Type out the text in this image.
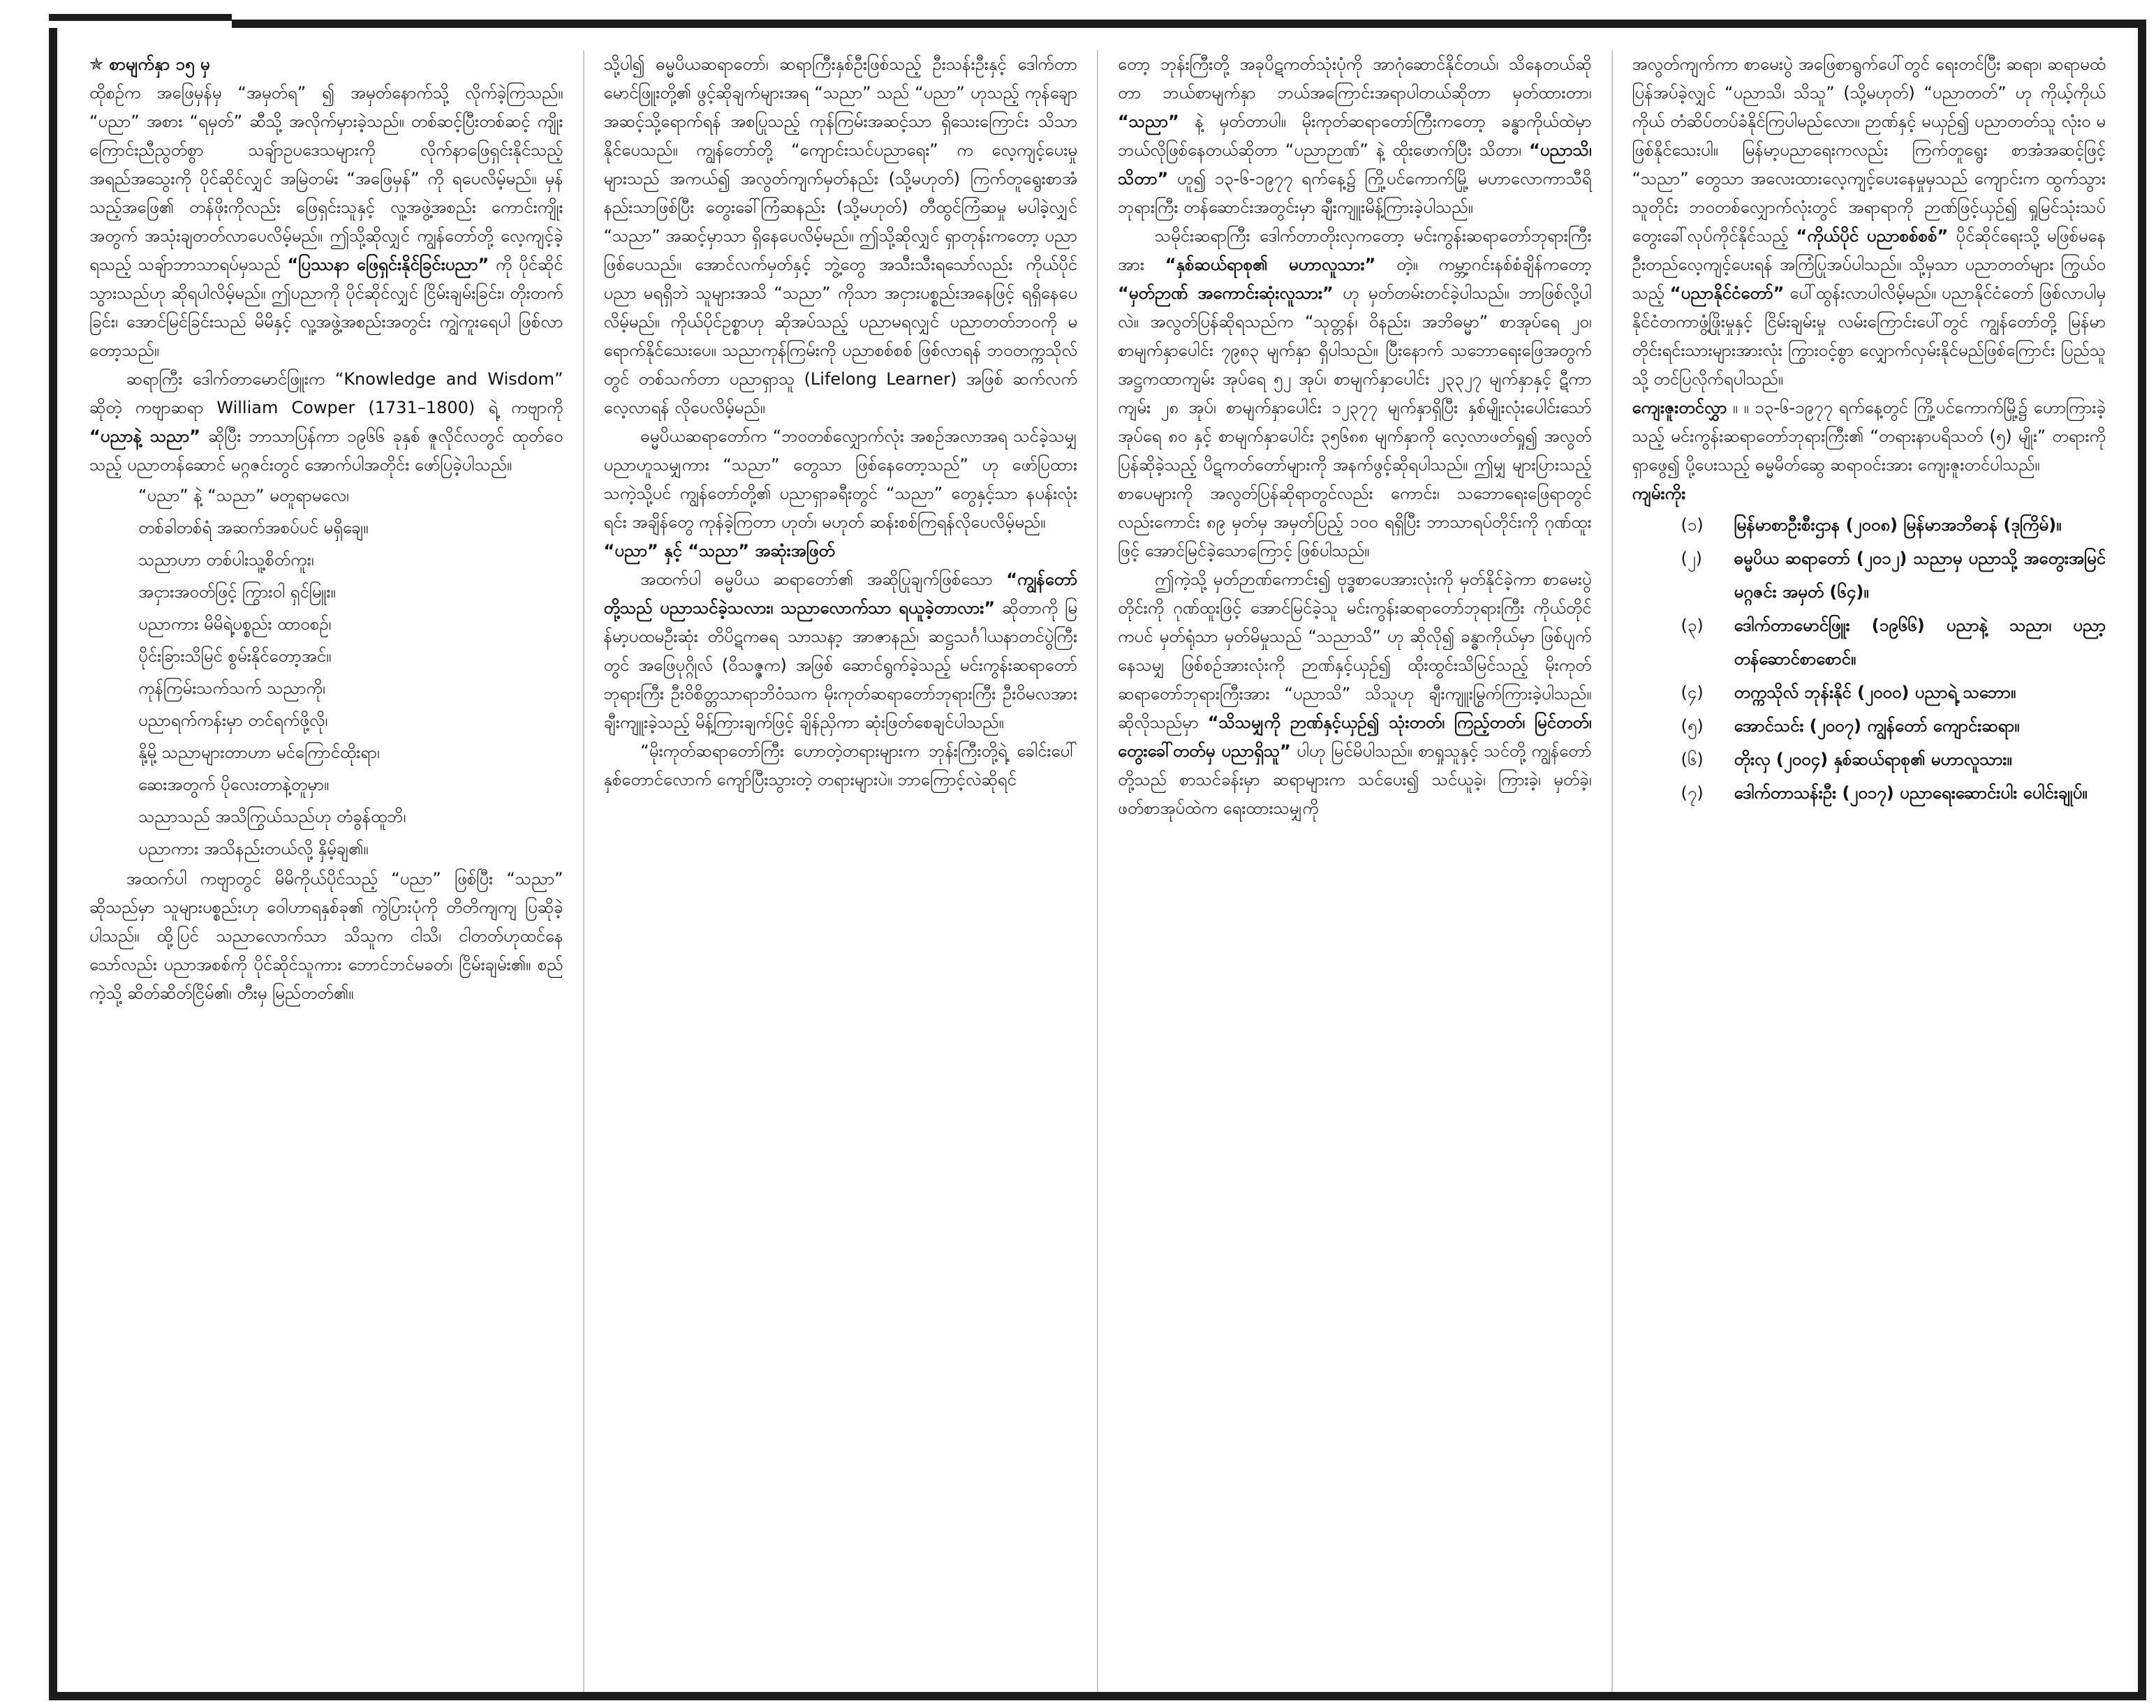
✯ စာမျက်နှာ ၁၅ မှ

ထိုစဥ်က အဖြေမှန်မှ “အမှတ်ရ” ၍ အမှတ်နောက်သို့ လိုက်ခဲ့ကြသည်။ “ပညာ” အစား “ရမှတ်” ဆီသို့ အလိုက်မှားခဲ့သည်။ တစ်ဆင့်ပြီးတစ်ဆင့် ကျိုးကြောင်းညီညွတ်စွာ သချ်ာဥပဒေသများကို လိုက်နာဖြေရှင်းနိုင်သည့် အရည်အသွေးကို ပိုင်ဆိုင်လျှင် အမြဲတမ်း “အဖြေမှန်” ကို ရပေလိမ့်မည်။ မှန်သည့်အဖြေ၏ တန်ဖိုးကိုလည်း ဖြေရှင်းသူနှင့် လူ့အဖွဲ့အစည်း ကောင်းကျိုးအတွက် အသုံးချတတ်လာပေလိမ့်မည်။ ဤသို့ဆိုလျှင် ကျွန်တော်တို့ လေ့ကျင့်ခဲ့ရသည့် သချ်ာဘာသာရပ်မှသည် “ပြဿနာ ဖြေရှင်းနိုင်ခြင်းပညာ” ကို ပိုင်ဆိုင်သွားသည်ဟု ဆိုရပါလိမ့်မည်။ ဤပညာကို ပိုင်ဆိုင်လျှင် ငြိမ်းချမ်းခြင်း၊ တိုးတက်ခြင်း၊ အောင်မြင်ခြင်းသည် မိမိနှင့် လူ့အဖွဲ့အစည်းအတွင်း ကျွဲကူးရေပါ ဖြစ်လာတော့သည်။

ဆရာကြီး ဒေါက်တာမောင်ဖြူးက “Knowledge and Wisdom” ဆိုတဲ့ ကဗျာဆရာ William Cowper (1731–1800) ရဲ့ ကဗျာကို “ပညာနဲ့ သညာ” ဆိုပြီး ဘာသာပြန်ကာ ၁၉၆၆ ခုနှစ် ဇူလိုင်လတွင် ထုတ်ဝေသည့် ပညာတန်ဆောင် မဂ္ဂဇင်းတွင် အောက်ပါအတိုင်း ဖော်ပြခဲ့ပါသည်။

“ပညာ” နဲ့ “သညာ” မတူရာမလေ၊
တစ်ခါတစ်ရံ အဆက်အစပ်ပင် မရှိချေ။
သညာဟာ တစ်ပါးသူ့စိတ်ကူး၊
အငှားအဝတ်ဖြင့် ကြွားဝါ ရှင်မြူး။
ပညာကား မိမိရဲ့ပစ္စည်း ထာဝစဉ်၊
ပိုင်းခြားသိမြင် စွမ်းနိုင်တော့အင်။
ကုန်ကြမ်းသက်သက် သညာကို၊
ပညာရက်ကန်းမှာ တင်ရက်ဖို့လို၊
နို့မို့ သညာများတာဟာ မင်ကြောင်ထိုးရာ၊
ဆေးအတွက် ပိုလေးတာနဲ့တူမှာ။
သညာသည် အသိကြွယ်သည်ဟု တံခွန်ထူဘိ၊
ပညာကား အသိနည်းတယ်လို့ နှိမ့်ချ၏။

အထက်ပါ ကဗျာတွင် မိမိကိုယ်ပိုင်သည့် “ပညာ” ဖြစ်ပြီး “သညာ” ဆိုသည်မှာ သူများပစ္စည်းဟု ဝေါဟာရနှစ်ခု၏ ကွဲပြားပုံကို တိတိကျကျ ပြဆိုခဲ့ပါသည်။ ထို့ပြင် သညာလောက်သာ သိသူက ငါသိ၊ ငါတတ်ဟုထင်နေသော်လည်း ပညာအစစ်ကို ပိုင်ဆိုင်သူကား ဘောင်ဘင်မခတ်၊ ငြိမ်းချမ်း၏။ စည်ကဲ့သို့ ဆိတ်ဆိတ်ငြိမ်၏၊ တီးမှ မြည်တတ်၏။

သို့ပါ၍ ဓမ္မပိယဆရာတော်၊ ဆရာကြီးနှစ်ဦးဖြစ်သည့် ဦးသန်းဦးနှင့် ဒေါက်တာမောင်ဖြူးတို့၏ ဖွင့်ဆိုချက်များအရ “သညာ” သည် “ပညာ” ဟုသည့် ကုန်ချောအဆင့်သို့ရောက်ရန် အစပြုသည့် ကုန်ကြမ်းအဆင့်သာ ရှိသေးကြောင်း သိသာနိုင်ပေသည်။ ကျွန်တော်တို့ “ကျောင်းသင်ပညာရေး” က လေ့ကျင့်ပေးမှုများသည် အကယ်၍ အလွတ်ကျက်မှတ်နည်း (သို့မဟုတ်) ကြက်တူရွေးစာအံနည်းသာဖြစ်ပြီး တွေးခေါ်ကြံဆနည်း (သို့မဟုတ်) တီထွင်ကြံဆမှု မပါခဲ့လျှင် “သညာ” အဆင့်မှာသာ ရှိနေပေလိမ့်မည်။ ဤသို့ဆိုလျှင် ရှာတုန်းကတော့ ပညာ ဖြစ်ပေသည်။ အောင်လက်မှတ်နှင့် ဘွဲ့တွေ အသီးသီးရသော်လည်း ကိုယ်ပိုင်ပညာ မရရှိဘဲ သူများအသိ “သညာ” ကိုသာ အငှားပစ္စည်းအနေဖြင့် ရရှိနေပေလိမ့်မည်။ ကိုယ်ပိုင်ဥစ္စာဟု ဆိုအပ်သည့် ပညာမရလျှင် ပညာတတ်ဘဝကို မရောက်နိုင်သေးပေ။ သညာကုန်ကြမ်းကို ပညာစစ်စစ် ဖြစ်လာရန် ဘဝတက္ကသိုလ်တွင် တစ်သက်တာ ပညာရှာသူ (Lifelong Learner) အဖြစ် ဆက်လက်လေ့လာရန် လိုပေလိမ့်မည်။

ဓမ္မပိယဆရာတော်က “ဘဝတစ်လျှောက်လုံး အစဉ်အလာအရ သင်ခဲ့သမျှ ပညာဟူသမျှကား “သညာ” တွေသာ ဖြစ်နေတော့သည်” ဟု ဖော်ပြထားသကဲ့သို့ပင် ကျွန်တော်တို့၏ ပညာရှာခရီးတွင် “သညာ” တွေနှင့်သာ နပန်းလုံးရင်း အချိန်တွေ ကုန်ခဲ့ကြတာ ဟုတ်၊ မဟုတ် ဆန်းစစ်ကြရန်လိုပေလိမ့်မည်။

“ပညာ” နှင့် “သညာ” အဆုံးအဖြတ်

အထက်ပါ ဓမ္မပိယ ဆရာတော်၏ အဆိုပြုချက်ဖြစ်သော “ကျွန်တော်တို့သည် ပညာသင်ခဲ့သလား၊ သညာလောက်သာ ရယူခဲ့တာလား” ဆိုတာကို မြန်မာ့ပထမဦးဆုံး တိပိဋကဓရ သာသနာ့ အာဇာနည်၊ ဆဋ္ဌသင်္ဂါယနာတင်ပွဲကြီးတွင် အဖြေပုဂ္ဂိုလ် (ဝိသဇ္ဇက) အဖြစ် ဆောင်ရွက်ခဲ့သည့် မင်းကွန်းဆရာတော်ဘုရားကြီး ဦးဝိစိတ္တသာရာဘိဝံသက မိုးကုတ်ဆရာတော်ဘုရားကြီး ဦးဝိမလအား ချီးကျူးခဲ့သည့် မိန့်ကြားချက်ဖြင့် ချိန်ညှိကာ ဆုံးဖြတ်စေချင်ပါသည်။

“မိုးကုတ်ဆရာတော်ကြီး ဟောတဲ့တရားများက ဘုန်းကြီးတို့ရဲ့ ခေါင်းပေါ် နှစ်တောင်လောက် ကျော်ပြီးသွားတဲ့ တရားများပဲ။ ဘာကြောင့်လဲဆိုရင်

တော့ ဘုန်းကြီးတို့ အခုပိဋကတ်သုံးပုံကို အာဂုံဆောင်နိုင်တယ်၊ သိနေတယ်ဆိုတာ ဘယ်စာမျက်နှာ ဘယ်အကြောင်းအရာပါတယ်ဆိုတာ မှတ်ထားတာ၊ “သညာ” နဲ့ မှတ်တာပါ။ မိုးကုတ်ဆရာတော်ကြီးကတော့ ခန္ဓာကိုယ်ထဲမှာ ဘယ်လိုဖြစ်နေတယ်ဆိုတာ “ပညာဉာဏ်” နဲ့ ထိုးဖောက်ပြီး သိတာ၊ “ပညာသိ၊ သိတာ” ဟူ၍ ၁၃-၆-၁၉၇၇ ရက်နေ့၌ ကြို့ပင်ကောက်မြို့ မဟာလောကာသီရိ ဘုရားကြီး တန်ဆောင်းအတွင်းမှာ ချီးကျူးမိန့်ကြားခဲ့ပါသည်။

သမိုင်းဆရာကြီး ဒေါက်တာတိုးလှကတော့ မင်းကွန်းဆရာတော်ဘုရားကြီးအား “နှစ်ဆယ်ရာစု၏ မဟာလူသား” တဲ့။ ကမ္ဘာ့ဂင်းနစ်စံချိန်ကတော့ “မှတ်ဉာဏ် အကောင်းဆုံးလူသား” ဟု မှတ်တမ်းတင်ခဲ့ပါသည်။ ဘာဖြစ်လို့ပါလဲ။ အလွတ်ပြန်ဆိုရသည်က “သုတ္တန်၊ ဝိနည်း၊ အဘိဓမ္မာ” စာအုပ်ရေ ၂၀၊ စာမျက်နှာပေါင်း ၇၉၈၃ မျက်နှာ ရှိပါသည်။ ပြီးနောက် သဘောရေးဖြေအတွက် အဋ္ဌကထာကျမ်း အုပ်ရေ ၅၂ အုပ်၊ စာမျက်နှာပေါင်း ၂၃၃၂၇ မျက်နှာနှင့် ဋီကာကျမ်း ၂၈ အုပ်၊ စာမျက်နှာပေါင်း ၁၂၃၇၇ မျက်နှာရှိပြီး နှစ်မျိုးလုံးပေါင်းသော် အုပ်ရေ ၈၀ နှင့် စာမျက်နှာပေါင်း ၃၅၆၈၈ မျက်နှာကို လေ့လာဖတ်ရှု၍ အလွတ်ပြန်ဆိုခဲ့သည့် ပိဋကတ်တော်များကို အနက်ဖွင့်ဆိုရပါသည်။ ဤမျှ များပြားသည့် စာပေများကို အလွတ်ပြန်ဆိုရာတွင်လည်း ကောင်း၊ သဘောရေးဖြေရာတွင် လည်းကောင်း ၈၉ မှတ်မှ အမှတ်ပြည့် ၁၀၀ ရရှိပြီး ဘာသာရပ်တိုင်းကို ဂုဏ်ထူးဖြင့် အောင်မြင်ခဲ့သောကြောင့် ဖြစ်ပါသည်။

ဤကဲ့သို့ မှတ်ဉာဏ်ကောင်း၍ ဗုဒ္ဓစာပေအားလုံးကို မှတ်နိုင်ခဲ့ကာ စာမေးပွဲတိုင်းကို ဂုဏ်ထူးဖြင့် အောင်မြင်ခဲ့သူ မင်းကွန်းဆရာတော်ဘုရားကြီး ကိုယ်တိုင်ကပင် မှတ်ရုံသာ မှတ်မိမှုသည် “သညာသိ” ဟု ဆိုလို၍ ခန္ဓာကိုယ်မှာ ဖြစ်ပျက်နေသမျှ ဖြစ်စဉ်အားလုံးကို ဉာဏ်နှင့်ယှဉ်၍ ထိုးထွင်းသိမြင်သည့် မိုးကုတ်ဆရာတော်ဘုရားကြီးအား “ပညာသိ” သိသူဟု ချီးကျူးမြွက်ကြားခဲ့ပါသည်။ ဆိုလိုသည်မှာ “သိသမျှကို ဉာဏ်နှင့်ယှဉ်၍ သုံးတတ်၊ ကြည့်တတ်၊ မြင်တတ်၊ တွေးခေါ်တတ်မှ ပညာရှိသူ” ပါဟု မြင်မိပါသည်။ စာရှုသူနှင့် သင်တို့ ကျွန်တော်တို့သည် စာသင်ခန်းမှာ ဆရာများက သင်ပေး၍ သင်ယူခဲ့၊ ကြားခဲ့၊ မှတ်ခဲ့၊ ဖတ်စာအုပ်ထဲက ရေးထားသမျှကို

အလွတ်ကျက်ကာ စာမေးပွဲ အဖြေစာရွက်ပေါ်တွင် ရေးတင်ပြီး ဆရာ၊ ဆရာမထံ ပြန်အပ်ခဲ့လျှင် “ပညာသိ၊ သိသူ” (သို့မဟုတ်) “ပညာတတ်” ဟု ကိုယ့်ကိုယ်ကိုယ် တံဆိပ်တပ်ခံနိုင်ကြပါမည်လော။ ဉာဏ်နှင့် မယှဉ်၍ ပညာတတ်သူ လုံးဝ မဖြစ်နိုင်သေးပါ။ မြန်မာ့ပညာရေးကလည်း ကြက်တူရွေး စာအံအဆင့်ဖြင့် “သညာ” တွေသာ အလေးထားလေ့ကျင့်ပေးနေမှုမှသည် ကျောင်းက ထွက်သွားသူတိုင်း ဘဝတစ်လျှောက်လုံးတွင် အရာရာကို ဉာဏ်ဖြင့်ယှဉ်၍ ရှုမြင်သုံးသပ် တွေးခေါ်လုပ်ကိုင်နိုင်သည့် “ကိုယ်ပိုင် ပညာစစ်စစ်” ပိုင်ဆိုင်ရေးသို့ မဖြစ်မနေ ဦးတည်လေ့ကျင့်ပေးရန် အကြံပြုအပ်ပါသည်။ သို့မှသာ ပညာတတ်များ ကြွယ်ဝသည့် “ပညာနိုင်ငံတော်” ပေါ်ထွန်းလာပါလိမ့်မည်။ ပညာနိုင်ငံတော် ဖြစ်လာပါမှ နိုင်ငံတကာဖွံ့ဖြိုးမှုနှင့် ငြိမ်းချမ်းမှု လမ်းကြောင်းပေါ်တွင် ကျွန်တော်တို့ မြန်မာတိုင်းရင်းသားများအားလုံး ကြွားဝင့်စွာ လျှောက်လှမ်းနိုင်မည်ဖြစ်ကြောင်း ပြည်သူသို့ တင်ပြလိုက်ရပါသည်။

ကျေးဇူးတင်လွှာ ။ ။ ၁၃-၆-၁၉၇၇ ရက်နေ့တွင် ကြို့ပင်ကောက်မြို့၌ ဟောကြားခဲ့သည့် မင်းကွန်းဆရာတော်ဘုရားကြီး၏ “တရားနာပရိသတ် (၅) မျိုး” တရားကို ရှာဖွေ၍ ပို့ပေးသည့် ဓမ္မမိတ်ဆွေ ဆရာဝင်းအား ကျေးဇူးတင်ပါသည်။

ကျမ်းကိုး

(၁)	မြန်မာစာဦးစီးဌာန (၂၀၀၈) မြန်မာအဘိဓာန် (ဒုကြိမ်)။
(၂)	ဓမ္မပိယ ဆရာတော် (၂၀၁၂) သညာမှ ပညာသို့ အတွေးအမြင် မဂ္ဂဇင်း အမှတ် (၆၄)။
(၃)	ဒေါက်တာမောင်ဖြူး (၁၉၆၆) ပညာနဲ့ သညာ၊ ပညာ့တန်ဆောင်စာစောင်။
(၄)	တက္ကသိုလ် ဘုန်းနိုင် (၂၀၀၀) ပညာရဲ့ သဘော။
(၅)	အောင်သင်း (၂၀၀၇) ကျွန်တော် ကျောင်းဆရာ။
(၆)	တိုးလှ (၂၀၀၄) နှစ်ဆယ်ရာစု၏ မဟာလူသား။
(၇)	ဒေါက်တာသန်းဦး (၂၀၁၇) ပညာရေးဆောင်းပါး ပေါင်းချုပ်။
